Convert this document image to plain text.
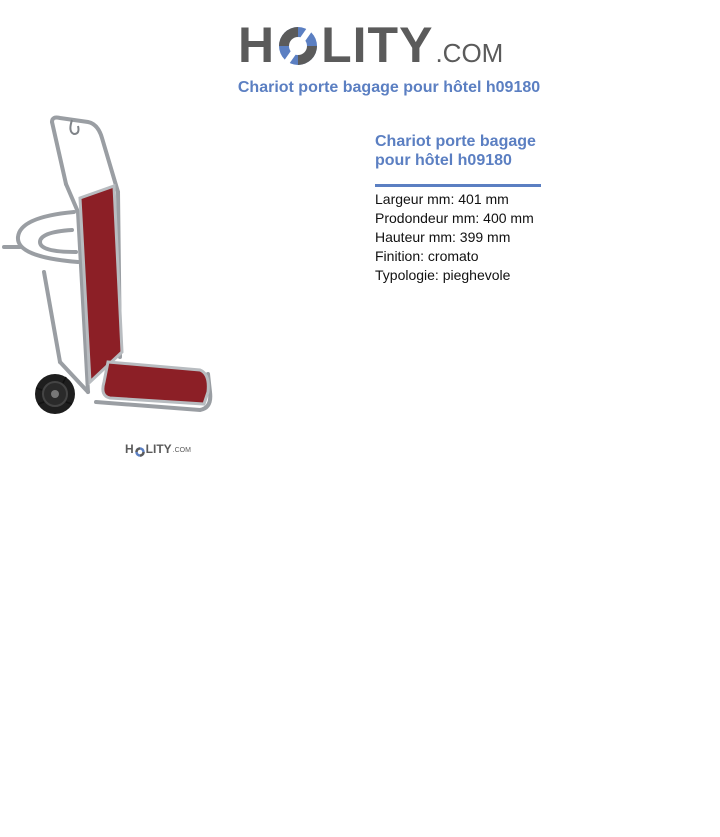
H LITY .COM
Chariot porte bagage pour hôtel h09180
H LITY .COM
Chariot porte bagage pour hôtel h09180
Largeur mm: 401 mm
Prodondeur mm: 400 mm
Hauteur mm: 399 mm
Finition: cromato
Typologie: pieghevole
